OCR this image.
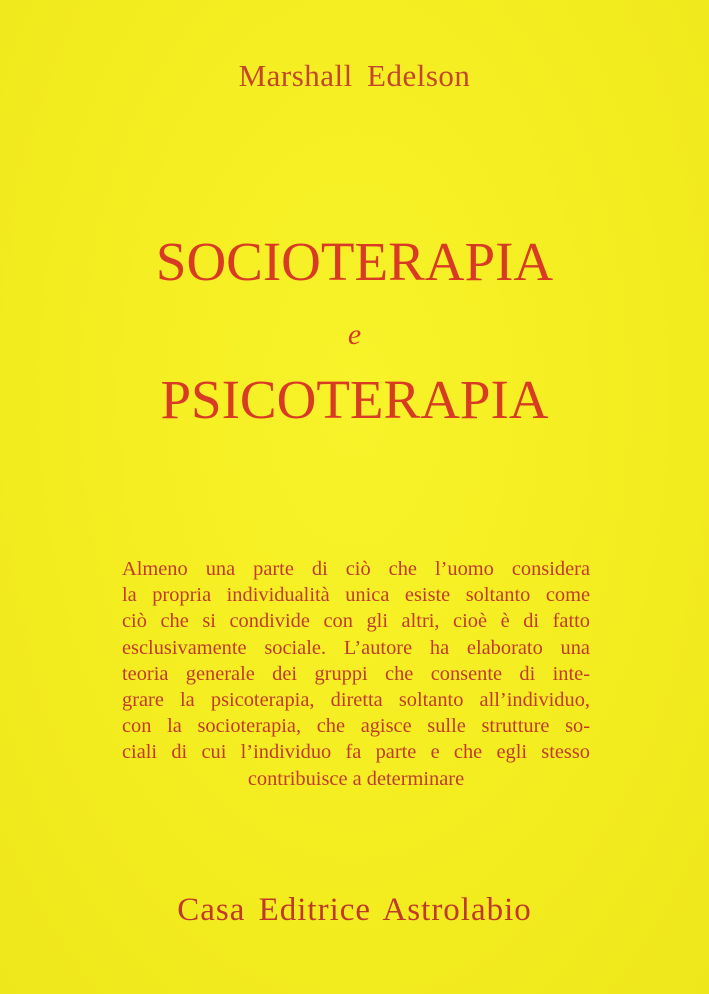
Marshall Edelson
SOCIOTERAPIA
e
PSICOTERAPIA
Almeno una parte di ciò che l’uomo considera
la propria individualità unica esiste soltanto come
ciò che si condivide con gli altri, cioè è di fatto
esclusivamente sociale. L’autore ha elaborato una
teoria generale dei gruppi che consente di inte-
grare la psicoterapia, diretta soltanto all’individuo,
con la socioterapia, che agisce sulle strutture so-
ciali di cui l’individuo fa parte e che egli stesso
contribuisce a determinare
Casa Editrice Astrolabio
